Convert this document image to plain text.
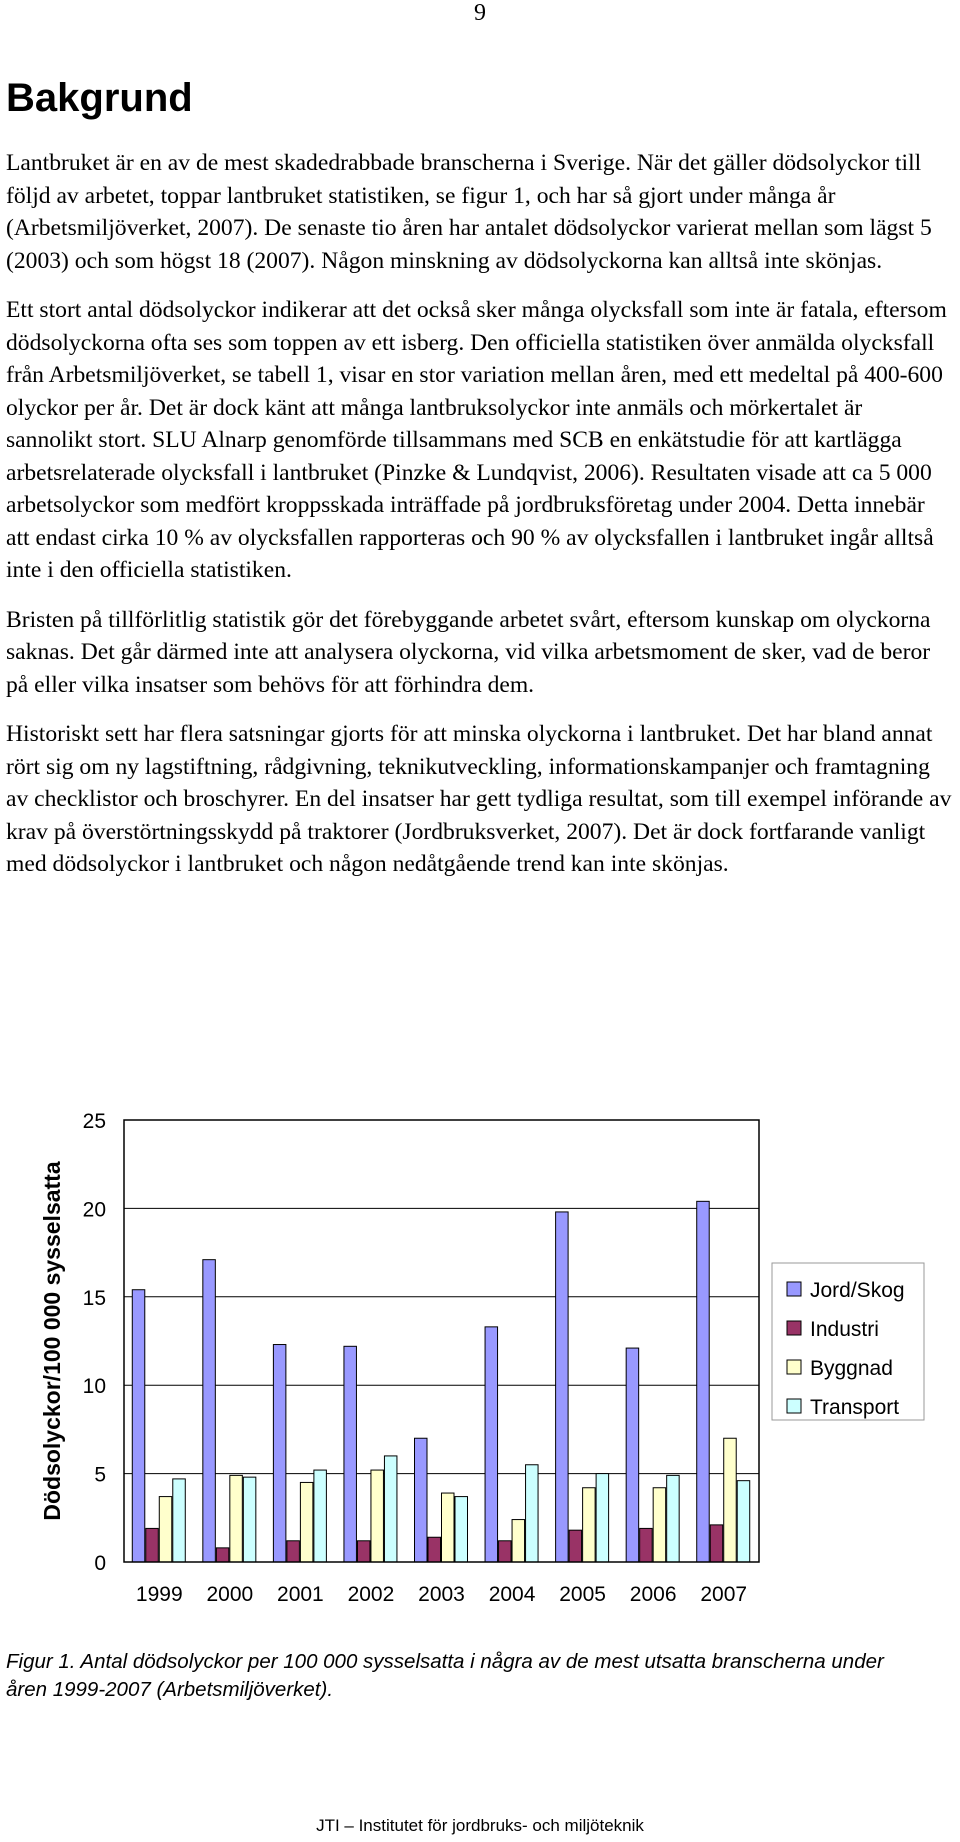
9
Bakgrund

Lantbruket är en av de mest skadedrabbade branscherna i Sverige. När det gäller dödsolyckor till följd av arbetet, toppar lantbruket statistiken, se figur 1, och har så gjort under många år (Arbetsmiljöverket, 2007). De senaste tio åren har antalet dödsolyckor varierat mellan som lägst 5 (2003) och som högst 18 (2007). Någon minskning av dödsolyckorna kan alltså inte skönjas.

Ett stort antal dödsolyckor indikerar att det också sker många olycksfall som inte är fatala, eftersom dödsolyckorna ofta ses som toppen av ett isberg. Den officiella statistiken över anmälda olycksfall från Arbetsmiljöverket, se tabell 1, visar en stor variation mellan åren, med ett medeltal på 400-600 olyckor per år. Det är dock känt att många lantbruksolyckor inte anmäls och mörkertalet är sannolikt stort. SLU Alnarp genomförde tillsammans med SCB en enkätstudie för att kartlägga arbetsrelaterade olycksfall i lantbruket (Pinzke & Lundqvist, 2006). Resultaten visade att ca 5 000 arbetsolyckor som medfört kroppsskada inträffade på jordbruksföretag under 2004. Detta innebär att endast cirka 10 % av olycksfallen rapporteras och 90 % av olycksfallen i lantbruket ingår alltså inte i den officiella statistiken.

Bristen på tillförlitlig statistik gör det förebyggande arbetet svårt, eftersom kunskap om olyckorna saknas. Det går därmed inte att analysera olyckorna, vid vilka arbetsmoment de sker, vad de beror på eller vilka insatser som behövs för att förhindra dem.

Historiskt sett har flera satsningar gjorts för att minska olyckorna i lantbruket. Det har bland annat rört sig om ny lagstiftning, rådgivning, teknikutveckling, informationskampanjer och framtagning av checklistor och broschyrer. En del insatser har gett tydliga resultat, som till exempel införande av krav på överstörtningsskydd på traktorer (Jordbruksverket, 2007). Det är dock fortfarande vanligt med dödsolyckor i lantbruket och någon nedåtgående trend kan inte skönjas.

0
5
10
15
20
25
1999 2000 2001 2002 2003 2004 2005 2006 2007
Dödsolyckor/100 000 sysselsatta	Jord/Skog
Industri
Byggnad
Transport
Figur 1. Antal dödsolyckor per 100 000 sysselsatta i några av de mest utsatta branscherna under åren 1999-2007 (Arbetsmiljöverket).
JTI – Institutet för jordbruks- och miljöteknik
